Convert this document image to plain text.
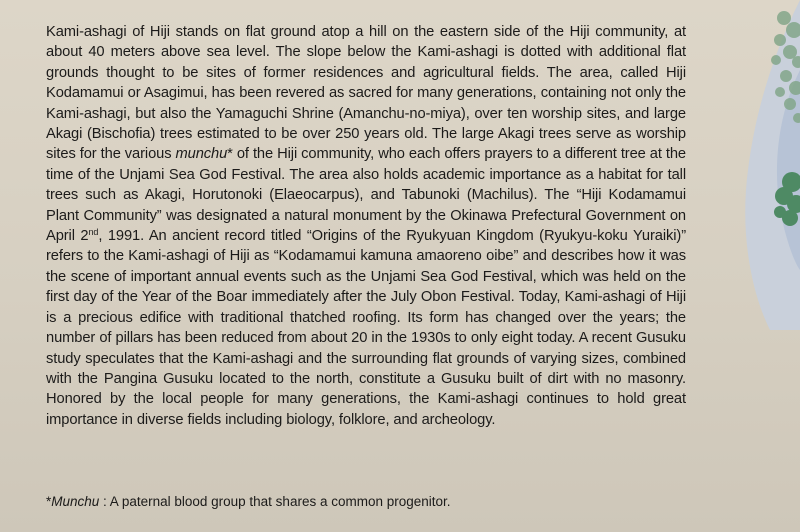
Kami-ashagi of Hiji stands on flat ground atop a hill on the eastern side of the Hiji community, at about 40 meters above sea level. The slope below the Kami-ashagi is dotted with additional flat grounds thought to be sites of former residences and agricultural fields. The area, called Hiji Kodamamui or Asagimui, has been revered as sacred for many generations, containing not only the Kami-ashagi, but also the Yamaguchi Shrine (Amanchu-no-miya), over ten worship sites, and large Akagi (Bischofia) trees estimated to be over 250 years old. The large Akagi trees serve as worship sites for the various munchu* of the Hiji community, who each offers prayers to a different tree at the time of the Unjami Sea God Festival. The area also holds academic importance as a habitat for tall trees such as Akagi, Horutonoki (Elaeocarpus), and Tabunoki (Machilus). The “Hiji Kodamamui Plant Community” was designated a natural monument by the Okinawa Prefectural Government on April 2nd, 1991. An ancient record titled “Origins of the Ryukyuan Kingdom (Ryukyu-koku Yuraiki)” refers to the Kami-ashagi of Hiji as “Kodamamui kamuna amaoreno oibe” and describes how it was the scene of important annual events such as the Unjami Sea God Festival, which was held on the first day of the Year of the Boar immediately after the July Obon Festival. Today, Kami-ashagi of Hiji is a precious edifice with traditional thatched roofing. Its form has changed over the years; the number of pillars has been reduced from about 20 in the 1930s to only eight today. A recent Gusuku study speculates that the Kami-ashagi and the surrounding flat grounds of varying sizes, combined with the Pangina Gusuku located to the north, constitute a Gusuku built of dirt with no masonry. Honored by the local people for many generations, the Kami-ashagi continues to hold great importance in diverse fields including biology, folklore, and archeology.

*Munchu : A paternal blood group that shares a common progenitor.
